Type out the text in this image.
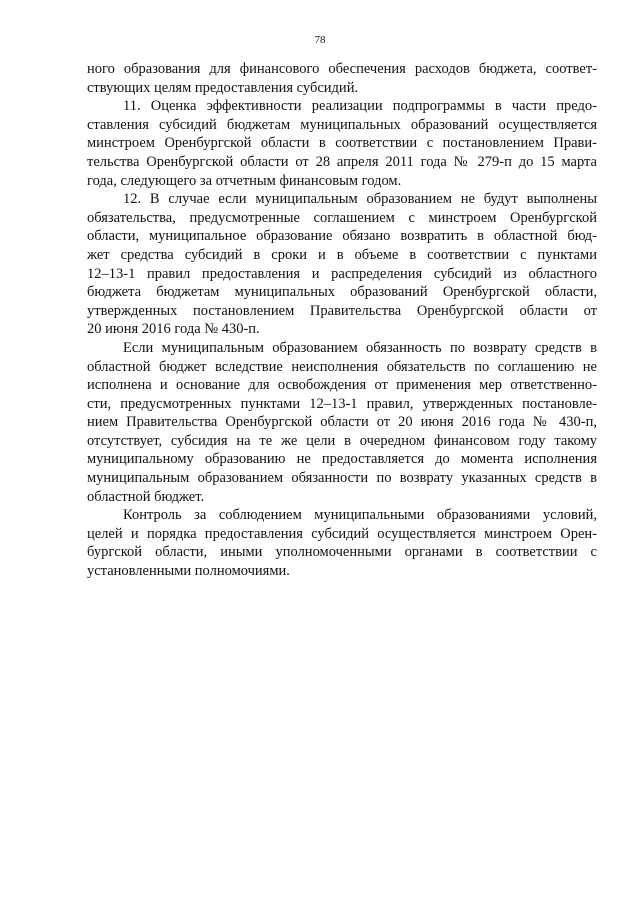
78
ного образования для финансового обеспечения расходов бюджета, соответ-
ствующих целям предоставления субсидий.
11. Оценка эффективности реализации подпрограммы в части предо-
ставления субсидий бюджетам муниципальных образований осуществляется
минстроем Оренбургской области в соответствии с постановлением Прави-
тельства Оренбургской области от 28 апреля 2011 года № 279-п до 15 марта
года, следующего за отчетным финансовым годом.
12. В случае если муниципальным образованием не будут выполнены
обязательства, предусмотренные соглашением с минстроем Оренбургской
области, муниципальное образование обязано возвратить в областной бюд-
жет средства субсидий в сроки и в объеме в соответствии с пунктами
12–13-1 правил предоставления и распределения субсидий из областного
бюджета бюджетам муниципальных образований Оренбургской области,
утвержденных постановлением Правительства Оренбургской области от
20 июня 2016 года № 430-п.
Если муниципальным образованием обязанность по возврату средств в
областной бюджет вследствие неисполнения обязательств по соглашению не
исполнена и основание для освобождения от применения мер ответственно-
сти, предусмотренных пунктами 12–13-1 правил, утвержденных постановле-
нием Правительства Оренбургской области от 20 июня 2016 года № 430-п,
отсутствует, субсидия на те же цели в очередном финансовом году такому
муниципальному образованию не предоставляется до момента исполнения
муниципальным образованием обязанности по возврату указанных средств в
областной бюджет.
Контроль за соблюдением муниципальными образованиями условий,
целей и порядка предоставления субсидий осуществляется минстроем Орен-
бургской области, иными уполномоченными органами в соответствии с
установленными полномочиями.
